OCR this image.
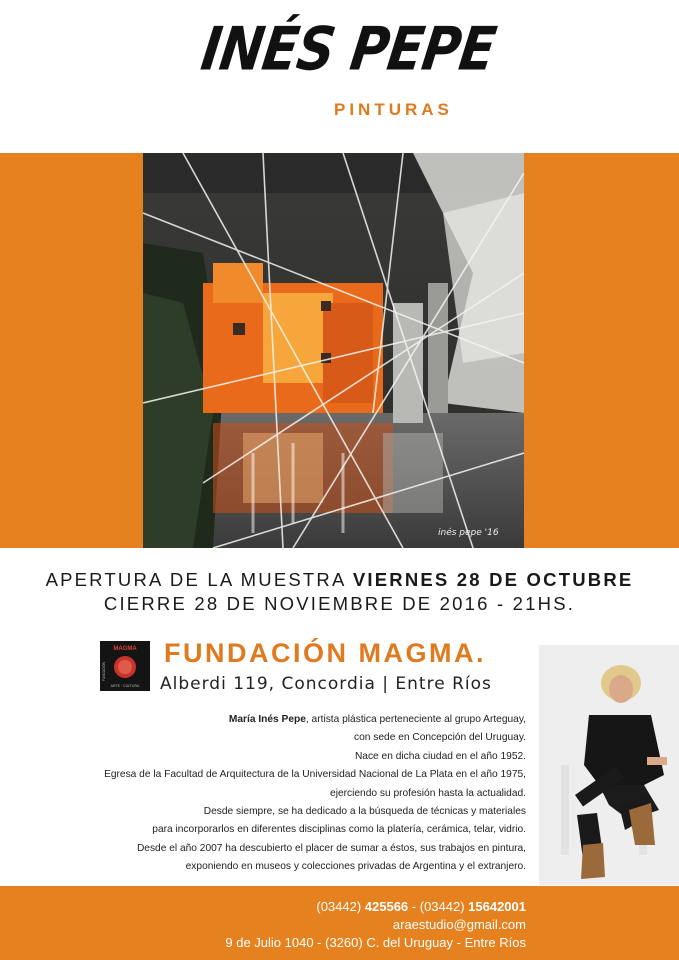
INÉS PEPE
PINTURAS
inés pepe '16
APERTURA DE LA MUESTRA VIERNES 28 DE OCTUBRE
CIERRE 28 DE NOVIEMBRE DE 2016 - 21HS.
MAGMA
ARTE · CULTURA
FUNDACIÓN
FUNDACIÓN MAGMA.
Alberdi 119, Concordia | Entre Ríos

María Inés Pepe, artista plástica perteneciente al grupo Arteguay,

con sede en Concepción del Uruguay.

Nace en dicha ciudad en el año 1952.

Egresa de la Facultad de Arquitectura de la Universidad Nacional de La Plata en el año 1975,

ejerciendo su profesión hasta la actualidad.

Desde siempre, se ha dedicado a la búsqueda de técnicas y materiales

para incorporarlos en diferentes disciplinas como la platería, cerámica, telar, vidrio.

Desde el año 2007 ha descubierto el placer de sumar a éstos, sus trabajos en pintura,

exponiendo en museos y colecciones privadas de Argentina y el extranjero.

(03442) 425566 - (03442) 15642001
araestudio@gmail.com
9 de Julio 1040 - (3260) C. del Uruguay - Entre Ríos
